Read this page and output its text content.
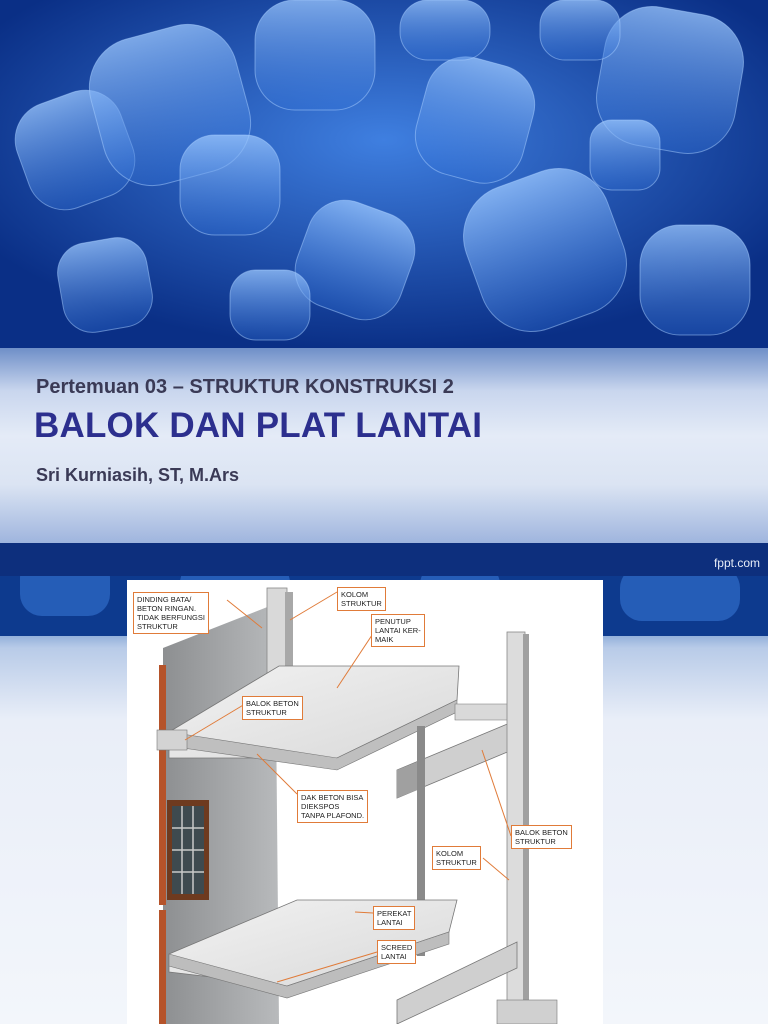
Pertemuan 03 – STRUKTUR KONSTRUKSI 2
BALOK DAN PLAT LANTAI
Sri Kurniasih, ST, M.Ars
fppt.com
DINDING BATA/
BETON RINGAN.
TIDAK BERFUNGSI
STRUKTUR
KOLOM
STRUKTUR
PENUTUP
LANTAI KER-
MAIK
BALOK BETON
STRUKTUR
DAK BETON BISA
DIEKSPOS
TANPA PLAFOND.
BALOK BETON
STRUKTUR
KOLOM
STRUKTUR
PEREKAT
LANTAI
SCREED
LANTAI
